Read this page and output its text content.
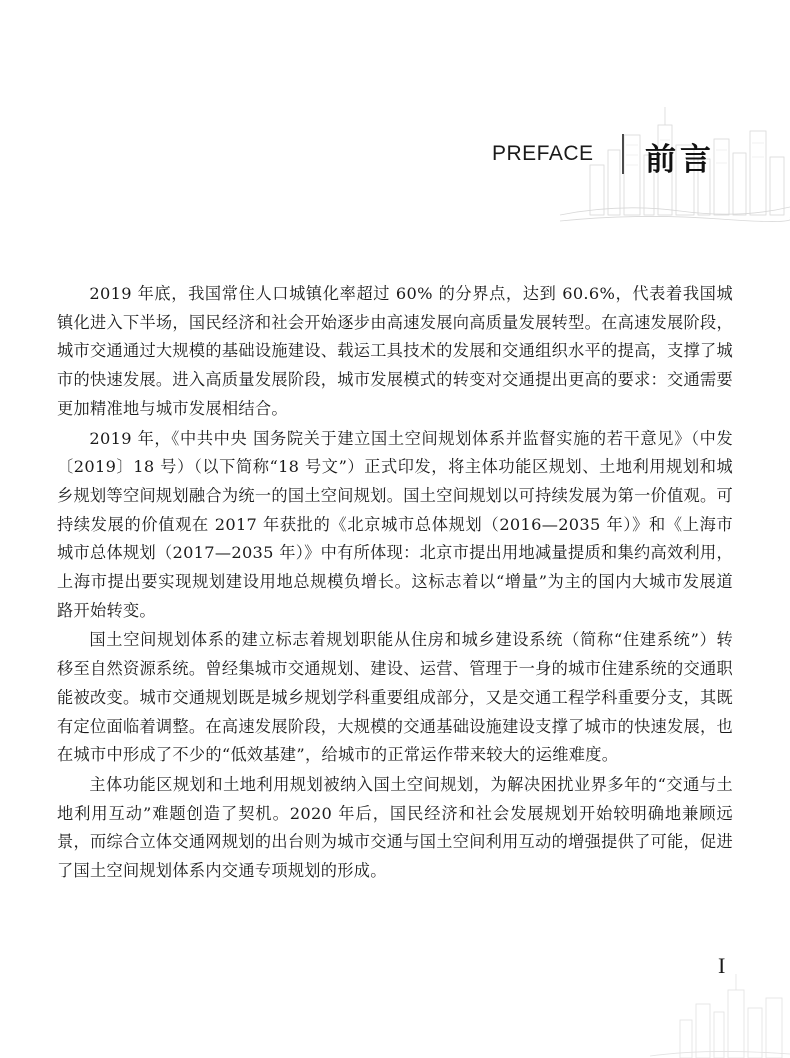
PREFACE 前言

2019 年底，我国常住人口城镇化率超过 60% 的分界点，达到 60.6%，代表着我国城镇化进入下半场，国民经济和社会开始逐步由高速发展向高质量发展转型。在高速发展阶段，城市交通通过大规模的基础设施建设、载运工具技术的发展和交通组织水平的提高，支撑了城市的快速发展。进入高质量发展阶段，城市发展模式的转变对交通提出更高的要求：交通需要更加精准地与城市发展相结合。

2019 年，《中共中央 国务院关于建立国土空间规划体系并监督实施的若干意见》（中发〔2019〕18 号）（以下简称“18 号文”）正式印发，将主体功能区规划、土地利用规划和城乡规划等空间规划融合为统一的国土空间规划。国土空间规划以可持续发展为第一价值观。可持续发展的价值观在 2017 年获批的《北京城市总体规划（2016—2035 年）》和《上海市城市总体规划（2017—2035 年）》中有所体现：北京市提出用地减量提质和集约高效利用，上海市提出要实现规划建设用地总规模负增长。这标志着以“增量”为主的国内大城市发展道路开始转变。

国土空间规划体系的建立标志着规划职能从住房和城乡建设系统（简称“住建系统”）转移至自然资源系统。曾经集城市交通规划、建设、运营、管理于一身的城市住建系统的交通职能被改变。城市交通规划既是城乡规划学科重要组成部分，又是交通工程学科重要分支，其既有定位面临着调整。在高速发展阶段，大规模的交通基础设施建设支撑了城市的快速发展，也在城市中形成了不少的“低效基建”，给城市的正常运作带来较大的运维难度。

主体功能区规划和土地利用规划被纳入国土空间规划，为解决困扰业界多年的“交通与土地利用互动”难题创造了契机。2020 年后，国民经济和社会发展规划开始较明确地兼顾远景，而综合立体交通网规划的出台则为城市交通与国土空间利用互动的增强提供了可能，促进了国土空间规划体系内交通专项规划的形成。

I
